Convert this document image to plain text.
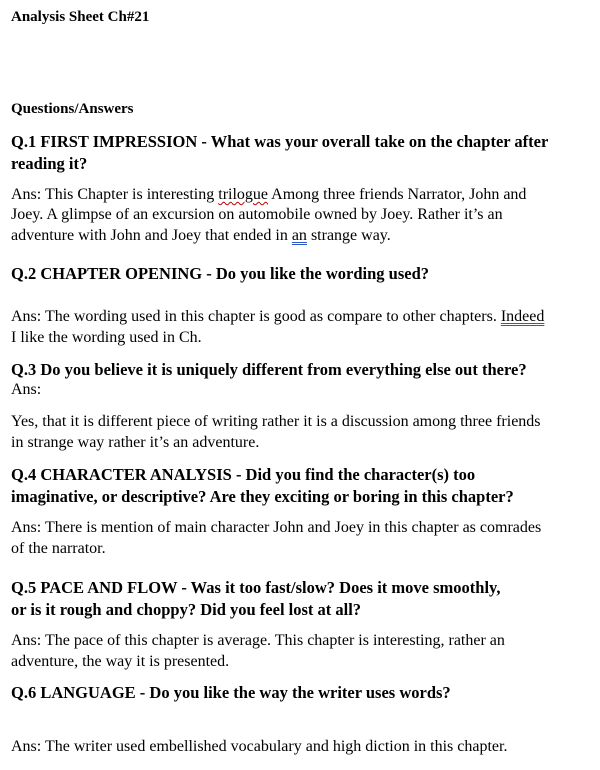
Analysis Sheet Ch#21
Questions/Answers
Q.1 FIRST IMPRESSION - What was your overall take on the chapter after
reading it?
Ans: This Chapter is interesting trilogue Among three friends Narrator, John and
Joey. A glimpse of an excursion on automobile owned by Joey. Rather it’s an
adventure with John and Joey that ended in an strange way.
Q.2 CHAPTER OPENING - Do you like the wording used?
Ans: The wording used in this chapter is good as compare to other chapters. Indeed
I like the wording used in Ch.
Q.3 Do you believe it is uniquely different from everything else out there?
Ans:
Yes, that it is different piece of writing rather it is a discussion among three friends
in strange way rather it’s an adventure.
Q.4 CHARACTER ANALYSIS - Did you find the character(s) too
imaginative, or descriptive? Are they exciting or boring in this chapter?
Ans: There is mention of main character John and Joey in this chapter as comrades
of the narrator.
Q.5 PACE AND FLOW - Was it too fast/slow? Does it move smoothly,
or is it rough and choppy? Did you feel lost at all?
Ans: The pace of this chapter is average. This chapter is interesting, rather an
adventure, the way it is presented.
Q.6 LANGUAGE - Do you like the way the writer uses words?
Ans: The writer used embellished vocabulary and high diction in this chapter.
